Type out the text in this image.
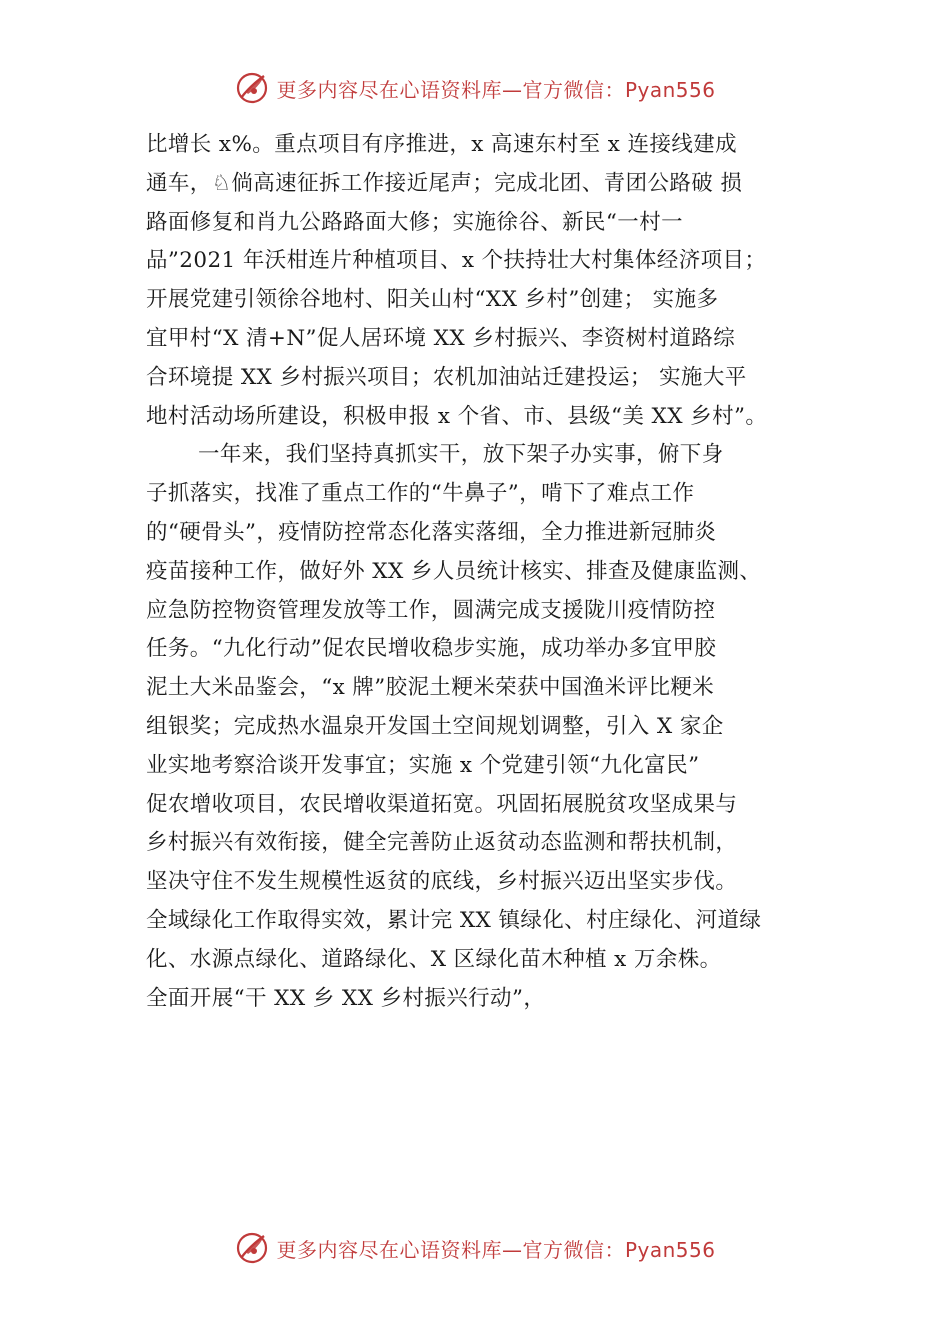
更多内容尽在心语资料库—官方微信：Pyan556
比增长 x%。重点项目有序推进，x 高速东村至 x 连接线建成
通车，♘倘高速征拆工作接近尾声；完成北团、青团公路破 损
路面修复和肖九公路路面大修；实施徐谷、新民“一村一
品”2021 年沃柑连片种植项目、x 个扶持壮大村集体经济项目；
开展党建引领徐谷地村、阳关山村“XX 乡村”创建； 实施多
宜甲村“X 清+N”促人居环境 XX 乡村振兴、李资树村道路综
合环境提 XX 乡村振兴项目；农机加油站迁建投运； 实施大平
地村活动场所建设，积极申报 x 个省、市、县级“美 XX 乡村”。
一年来，我们坚持真抓实干，放下架子办实事，俯下身
子抓落实，找准了重点工作的“牛鼻子”，啃下了难点工作
的“硬骨头”，疫情防控常态化落实落细，全力推进新冠肺炎
疫苗接种工作，做好外 XX 乡人员统计核实、排查及健康监测、
应急防控物资管理发放等工作，圆满完成支援陇川疫情防控
任务。“九化行动”促农民增收稳步实施，成功举办多宜甲胶
泥土大米品鉴会，“x 牌”胶泥土粳米荣获中国渔米评比粳米
组银奖；完成热水温泉开发国土空间规划调整，引入 X 家企
业实地考察洽谈开发事宜；实施 x 个党建引领“九化富民”
促农增收项目，农民增收渠道拓宽。巩固拓展脱贫攻坚成果与
乡村振兴有效衔接，健全完善防止返贫动态监测和帮扶机制，
坚决守住不发生规模性返贫的底线，乡村振兴迈出坚实步伐。
全域绿化工作取得实效，累计完 XX 镇绿化、村庄绿化、河道绿
化、水源点绿化、道路绿化、X 区绿化苗木种植 x 万余株。
全面开展“干 XX 乡 XX 乡村振兴行动”，
更多内容尽在心语资料库—官方微信：Pyan556
